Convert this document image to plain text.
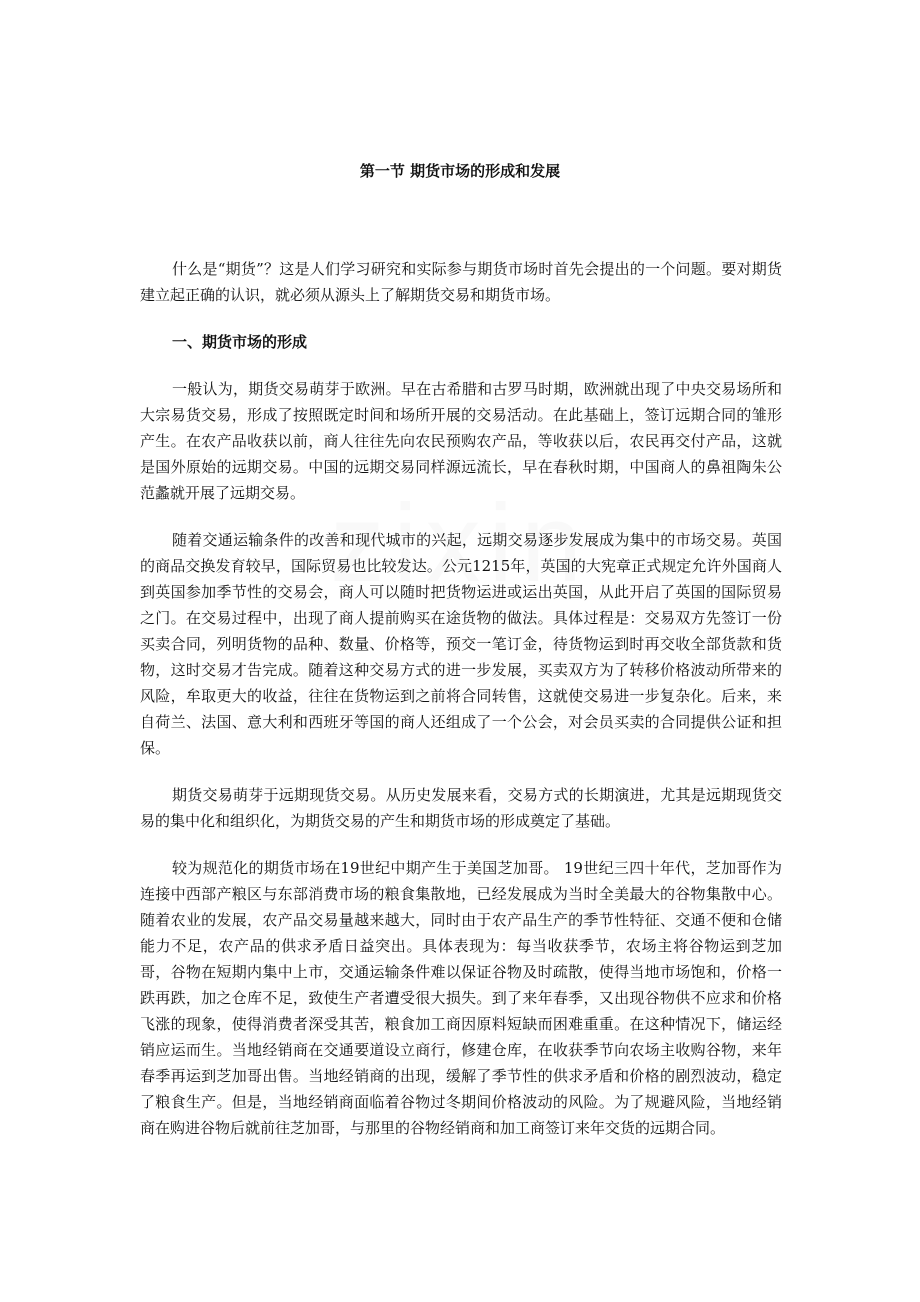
第一节 期货市场的形成和发展

什么是“期货”？这是人们学习研究和实际参与期货市场时首先会提出的一个问题。要对期货建立起正确的认识，就必须从源头上了解期货交易和期货市场。

一、期货市场的形成

一般认为，期货交易萌芽于欧洲。早在古希腊和古罗马时期，欧洲就出现了中央交易场所和大宗易货交易，形成了按照既定时间和场所开展的交易活动。在此基础上，签订远期合同的雏形产生。在农产品收获以前，商人往往先向农民预购农产品，等收获以后，农民再交付产品，这就是国外原始的远期交易。中国的远期交易同样源远流长，早在春秋时期，中国商人的鼻祖陶朱公范蠡就开展了远期交易。

随着交通运输条件的改善和现代城市的兴起，远期交易逐步发展成为集中的市场交易。英国的商品交换发育较早，国际贸易也比较发达。公元1215年，英国的大宪章正式规定允许外国商人到英国参加季节性的交易会，商人可以随时把货物运进或运出英国，从此开启了英国的国际贸易之门。在交易过程中，出现了商人提前购买在途货物的做法。具体过程是：交易双方先签订一份买卖合同，列明货物的品种、数量、价格等，预交一笔订金，待货物运到时再交收全部货款和货物，这时交易才告完成。随着这种交易方式的进一步发展，买卖双方为了转移价格波动所带来的风险，牟取更大的收益，往往在货物运到之前将合同转售，这就使交易进一步复杂化。后来，来自荷兰、法国、意大利和西班牙等国的商人还组成了一个公会，对会员买卖的合同提供公证和担保。

期货交易萌芽于远期现货交易。从历史发展来看，交易方式的长期演进，尤其是远期现货交易的集中化和组织化，为期货交易的产生和期货市场的形成奠定了基础。

较为规范化的期货市场在19世纪中期产生于美国芝加哥。 19世纪三四十年代，芝加哥作为连接中西部产粮区与东部消费市场的粮食集散地，已经发展成为当时全美最大的谷物集散中心。随着农业的发展，农产品交易量越来越大，同时由于农产品生产的季节性特征、交通不便和仓储能力不足，农产品的供求矛盾日益突出。具体表现为：每当收获季节，农场主将谷物运到芝加哥，谷物在短期内集中上市，交通运输条件难以保证谷物及时疏散，使得当地市场饱和，价格一跌再跌，加之仓库不足，致使生产者遭受很大损失。到了来年春季，又出现谷物供不应求和价格飞涨的现象，使得消费者深受其苦，粮食加工商因原料短缺而困难重重。在这种情况下，储运经销应运而生。当地经销商在交通要道设立商行，修建仓库，在收获季节向农场主收购谷物，来年春季再运到芝加哥出售。当地经销商的出现，缓解了季节性的供求矛盾和价格的剧烈波动，稳定了粮食生产。但是，当地经销商面临着谷物过冬期间价格波动的风险。为了规避风险，当地经销商在购进谷物后就前往芝加哥，与那里的谷物经销商和加工商签订来年交货的远期合同。
